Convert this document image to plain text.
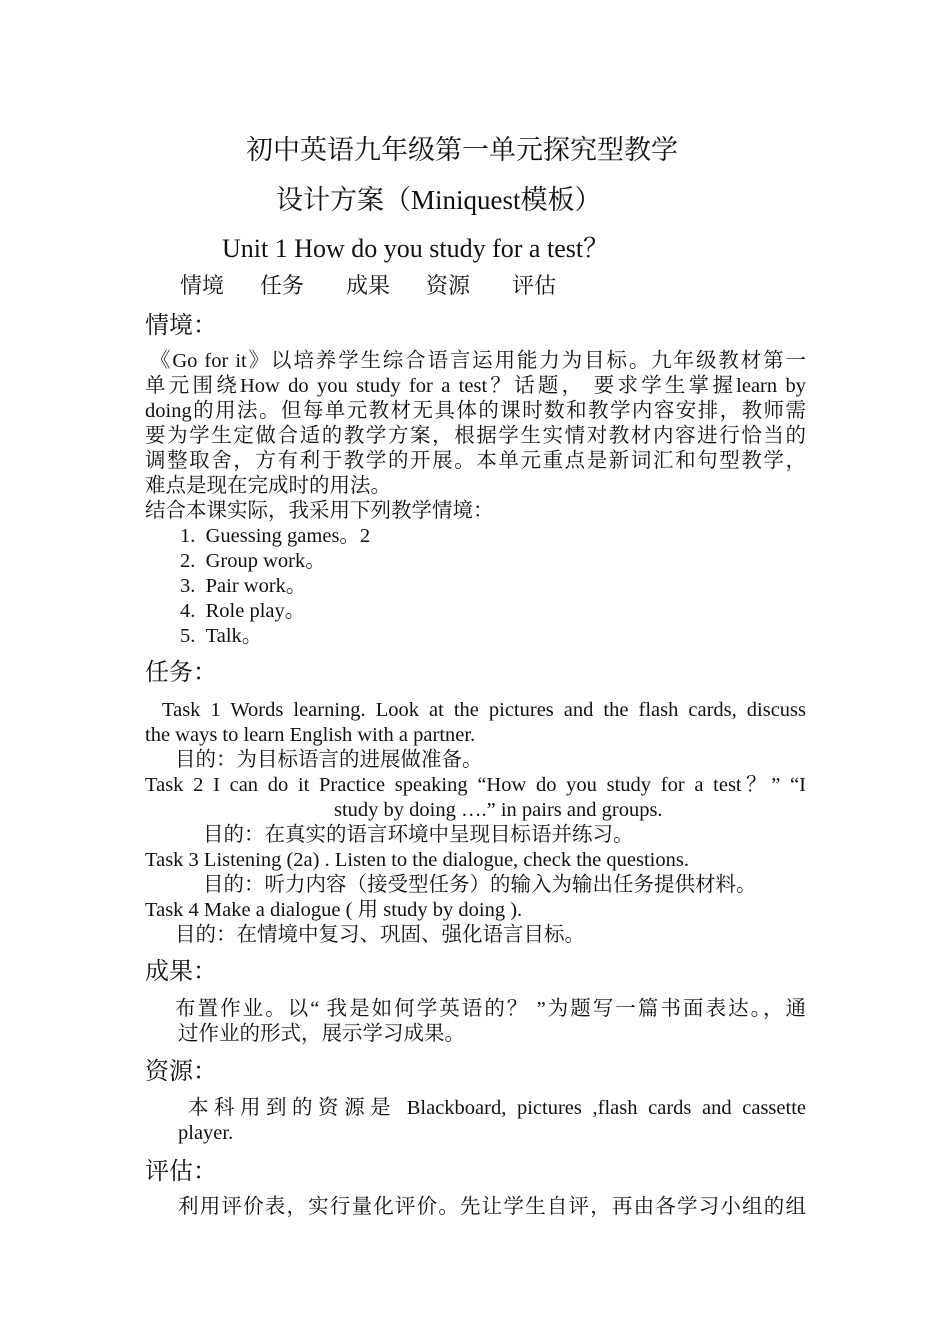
初中英语九年级第一单元探究型教学
设计方案（Miniquest模板）
Unit 1 How do you study for a test？
情境 任务 成果 资源 评估
情境：
《Go for it》以培养学生综合语言运用能力为目标。九年级教材第一
单元围绕How do you study for a test？话题， 要求学生掌握learn by
doing的用法。但每单元教材无具体的课时数和教学内容安排，教师需
要为学生定做合适的教学方案，根据学生实情对教材内容进行恰当的
调整取舍，方有利于教学的开展。本单元重点是新词汇和句型教学，
难点是现在完成时的用法。
结合本课实际，我采用下列教学情境：
1. Guessing games。2
2. Group work。
3. Pair work。
4. Role play。
5. Talk。
任务：
Task 1 Words learning. Look at the pictures and the flash cards, discuss
the ways to learn English with a partner.
目的：为目标语言的进展做准备。
Task 2 I can do it Practice speaking “How do you study for a test？” “I
study by doing ….” in pairs and groups.
目的：在真实的语言环境中呈现目标语并练习。
Task 3 Listening (2a) . Listen to the dialogue, check the questions.
目的：听力内容（接受型任务）的输入为输出任务提供材料。
Task 4 Make a dialogue ( 用 study by doing ).
目的：在情境中复习、巩固、强化语言目标。
成果：
布置作业。以“ 我是如何学英语的？ ”为题写一篇书面表达。，通
过作业的形式，展示学习成果。
资源：
本科用到的资源是 Blackboard, pictures ,flash cards and cassette
player.
评估：
利用评价表，实行量化评价。先让学生自评，再由各学习小组的组
